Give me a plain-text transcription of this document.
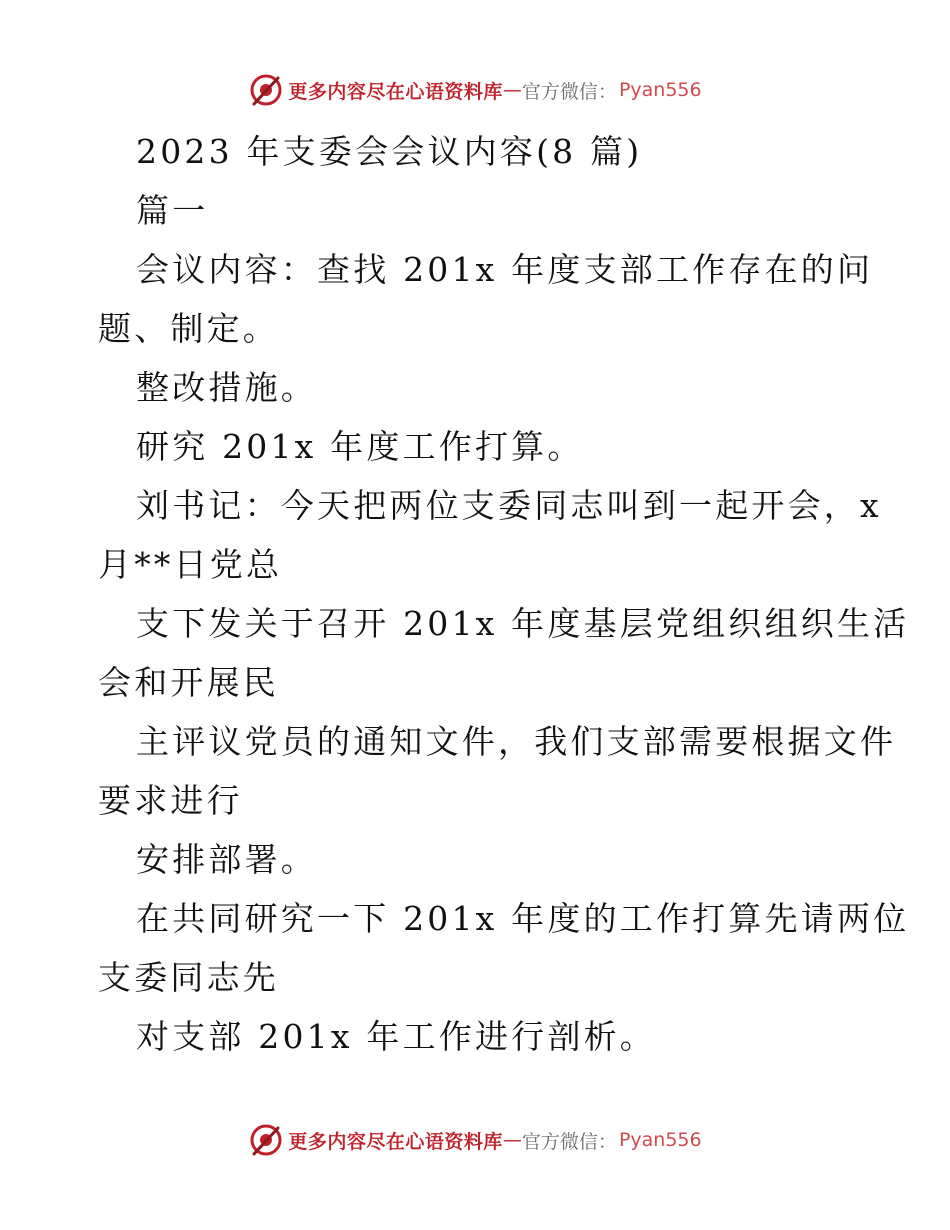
更多内容尽在心语资料库 — 官方微信： Pyan556

2023 年支委会会议内容(8 篇)

篇一

会议内容：查找 201x 年度支部工作存在的问

题、制定。

整改措施。

研究 201x 年度工作打算。

刘书记：今天把两位支委同志叫到一起开会，x

月**日党总

支下发关于召开 201x 年度基层党组织组织生活

会和开展民

主评议党员的通知文件，我们支部需要根据文件

要求进行

安排部署。

在共同研究一下 201x 年度的工作打算先请两位

支委同志先

对支部 201x 年工作进行剖析。

更多内容尽在心语资料库 — 官方微信： Pyan556
